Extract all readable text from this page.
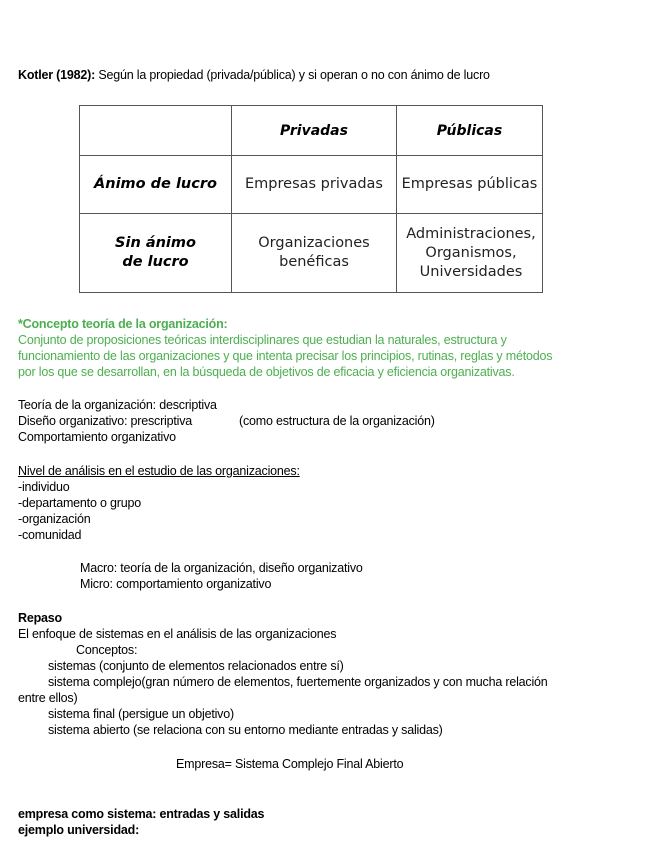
Kotler (1982): Según la propiedad (privada/pública) y si operan o no con ánimo de lucro
	Privadas	Públicas
Ánimo de lucro	Empresas privadas	Empresas públicas

Sin ánimo de lucro	Organizaciones benéficas	Administraciones, Organismos, Universidades
*Concepto teoría de la organización:
Conjunto de proposiciones teóricas interdisciplinares que estudian la naturales, estructura y
funcionamiento de las organizaciones y que intenta precisar los principios, rutinas, reglas y métodos
por los que se desarrollan, en la búsqueda de objetivos de eficacia y eficiencia organizativas.
Teoría de la organización: descriptiva
Diseño organizativo: prescriptiva	(como estructura de la organización)
Comportamiento organizativo
Nivel de análisis en el estudio de las organizaciones:
-individuo
-departamento o grupo
-organización
-comunidad
Macro: teoría de la organización, diseño organizativo
Micro: comportamiento organizativo
Repaso
El enfoque de sistemas en el análisis de las organizaciones
Conceptos:
sistemas (conjunto de elementos relacionados entre sí)
sistema complejo(gran número de elementos, fuertemente organizados y con mucha relación
entre ellos)
sistema final (persigue un objetivo)
sistema abierto (se relaciona con su entorno mediante entradas y salidas)
Empresa= Sistema Complejo Final Abierto
empresa como sistema: entradas y salidas
ejemplo universidad:
